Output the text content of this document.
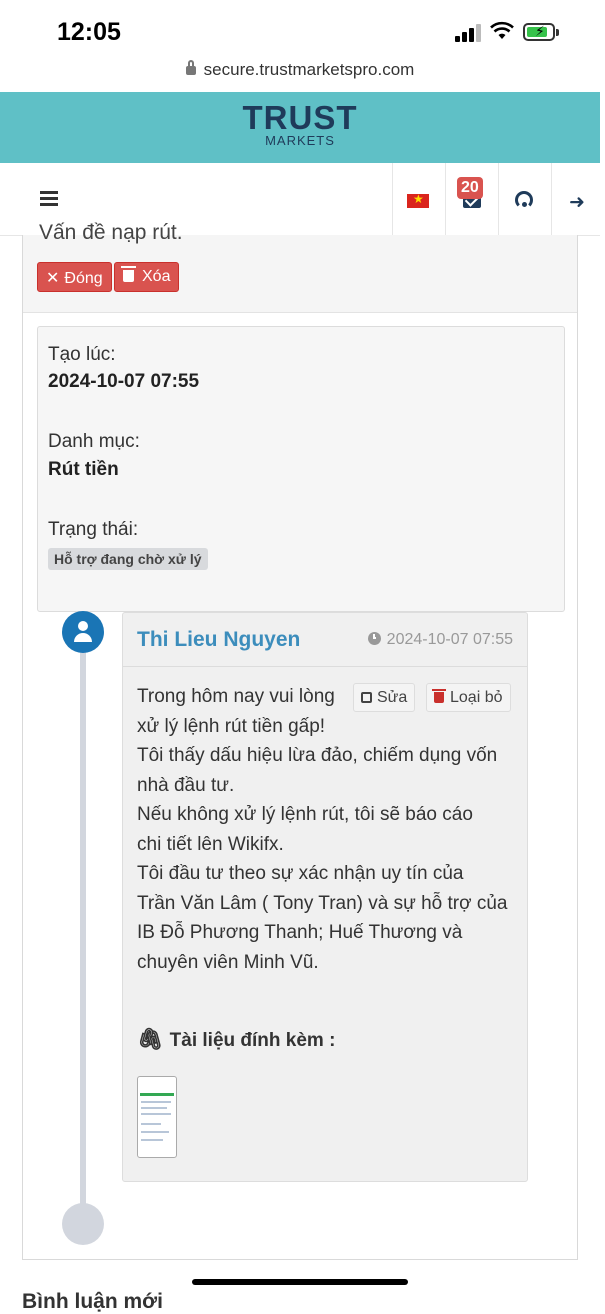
12:05	⚡
secure.trustmarketspro.com
TRUST
MARKETS
★
20
➜
Vấn đề nạp rút.
✕ Đóng	Xóa
Tạo lúc:
2024-10-07 07:55
Danh mục:
Rút tiền
Trạng thái:
Hỗ trợ đang chờ xử lý
Thi Lieu Nguyen	2024-10-07 07:55
Sửa	Loại bỏ
Trong hôm nay vui lòng
xử lý lệnh rút tiền gấp!
Tôi thấy dấu hiệu lừa đảo, chiếm dụng vốn
nhà đầu tư.
Nếu không xử lý lệnh rút, tôi sẽ báo cáo
chi tiết lên Wikifx.
Tôi đầu tư theo sự xác nhận uy tín của
Trần Văn Lâm ( Tony Tran) và sự hỗ trợ của
IB Đỗ Phương Thanh; Huế Thương và
chuyên viên Minh Vũ.
🖇 Tài liệu đính kèm :
Bình luận mới
